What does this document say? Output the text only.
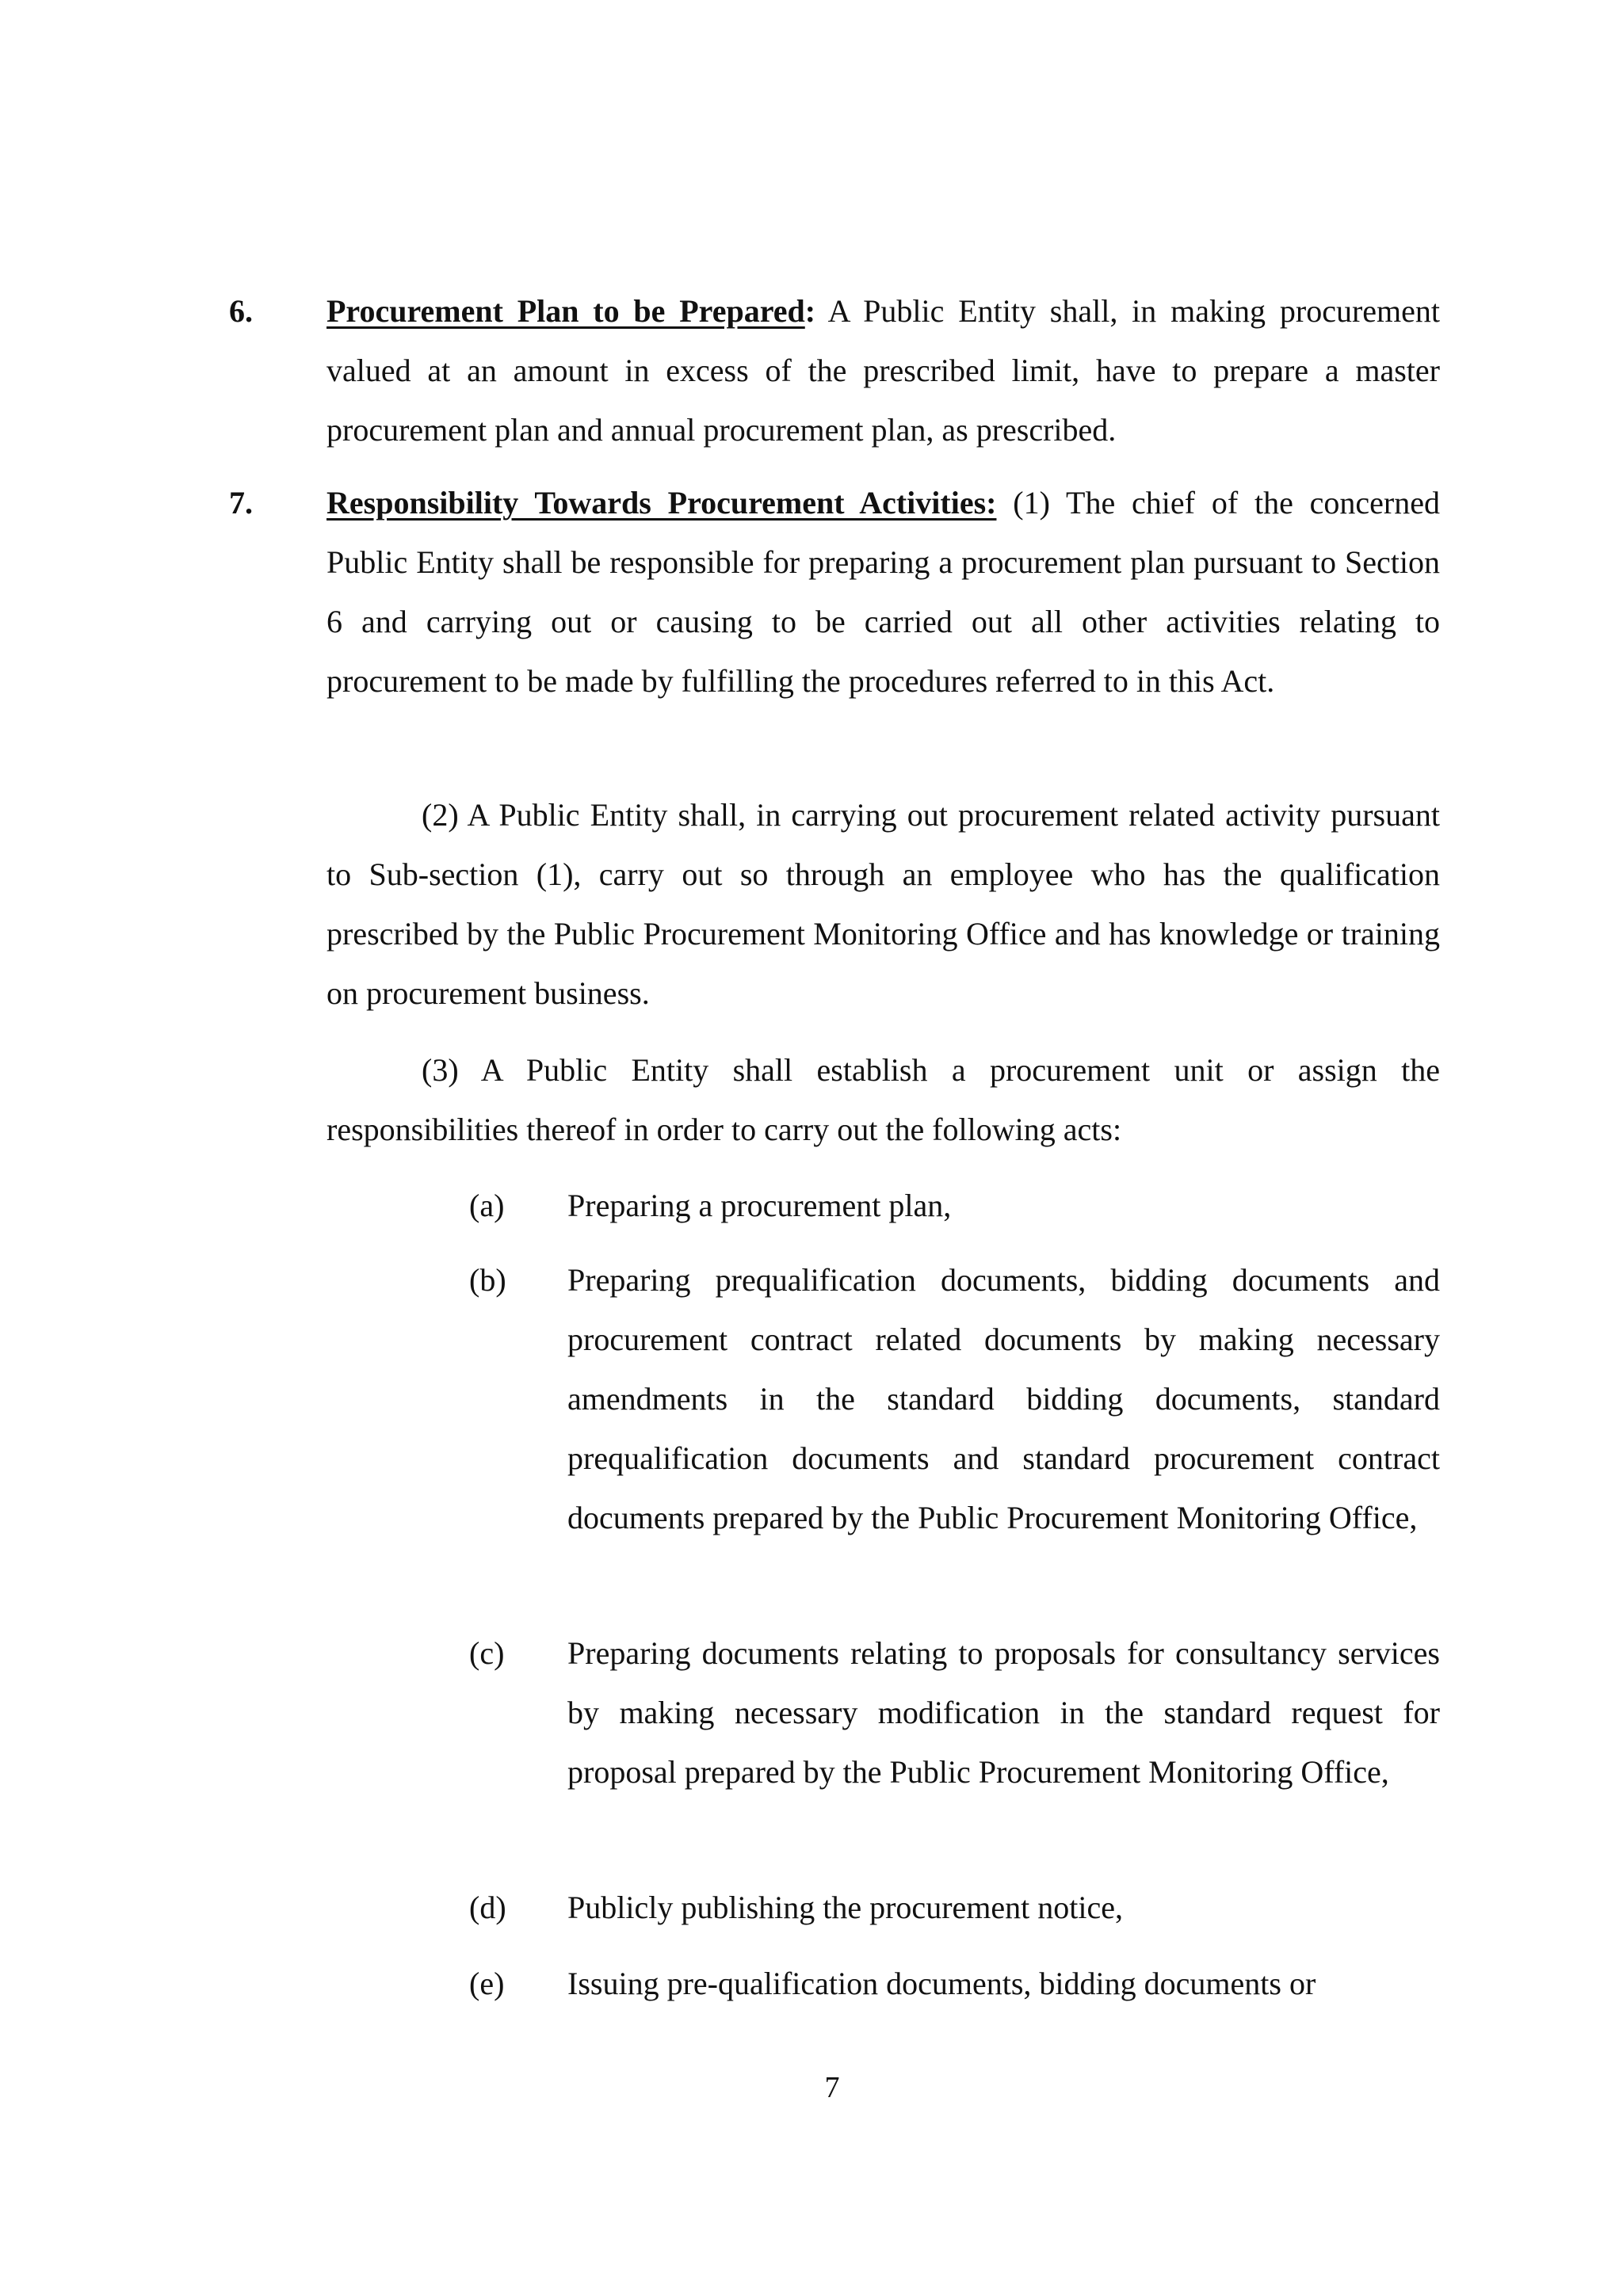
6. Procurement Plan to be Prepared: A Public Entity shall, in making procurement valued at an amount in excess of the prescribed limit, have to prepare a master procurement plan and annual procurement plan, as prescribed.
7. Responsibility Towards Procurement Activities: (1) The chief of the concerned Public Entity shall be responsible for preparing a procurement plan pursuant to Section 6 and carrying out or causing to be carried out all other activities relating to procurement to be made by fulfilling the procedures referred to in this Act.
(2) A Public Entity shall, in carrying out procurement related activity pursuant to Sub-section (1), carry out so through an employee who has the qualification prescribed by the Public Procurement Monitoring Office and has knowledge or training on procurement business.
(3) A Public Entity shall establish a procurement unit or assign the responsibilities thereof in order to carry out the following acts:
(a) Preparing a procurement plan,
(b) Preparing prequalification documents, bidding documents and procurement contract related documents by making necessary amendments in the standard bidding documents, standard prequalification documents and standard procurement contract documents prepared by the Public Procurement Monitoring Office,
(c) Preparing documents relating to proposals for consultancy services by making necessary modification in the standard request for proposal prepared by the Public Procurement Monitoring Office,
(d) Publicly publishing the procurement notice,
(e) Issuing pre-qualification documents, bidding documents or
7
